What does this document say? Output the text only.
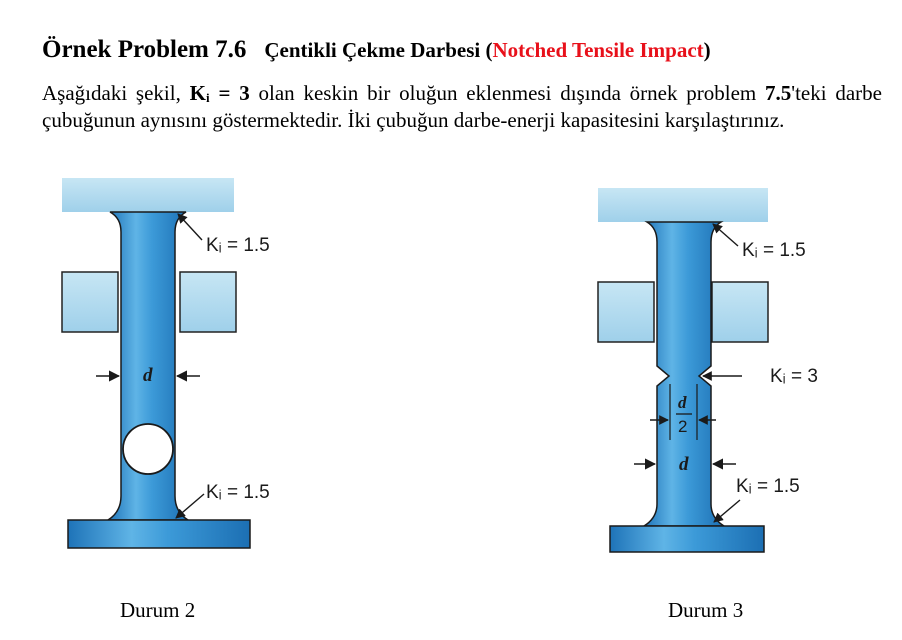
Örnek Problem 7.6 Çentikli Çekme Darbesi (Notched Tensile Impact)
Aşağıdaki şekil, Kᵢ = 3 olan keskin bir oluğun eklenmesi dışında örnek problem 7.5'teki darbe çubuğunun aynısını göstermektedir. İki çubuğun darbe-enerji kapasitesini karşılaştırınız.
d
Kᵢ = 1.5
Kᵢ = 1.5
Kᵢ = 1.5
Kᵢ = 3
d
2
d
Kᵢ = 1.5
Durum 2	Durum 3
